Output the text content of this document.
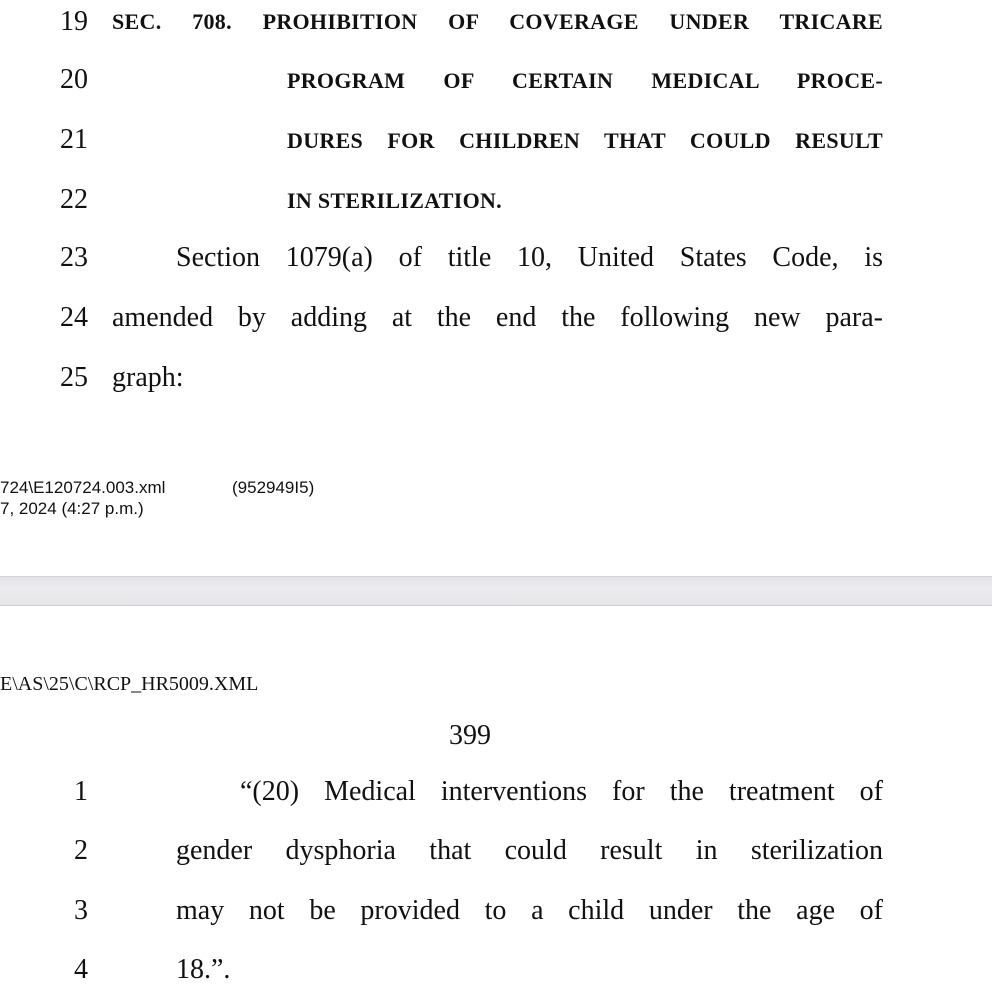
19
20
21
22
23
24
25
SEC. 708. PROHIBITION OF COVERAGE UNDER TRICARE
PROGRAM OF CERTAIN MEDICAL PROCE-
DURES FOR CHILDREN THAT COULD RESULT
IN STERILIZATION.
Section 1079(a) of title 10, United States Code, is
amended by adding at the end the following new para-
graph:
724\E120724.003.xml	(952949I5)
7, 2024 (4:27 p.m.)
E\AS\25\C\RCP_HR5009.XML
399
1
2
3
4
“(20) Medical interventions for the treatment of
gender dysphoria that could result in sterilization
may not be provided to a child under the age of
18.”.
